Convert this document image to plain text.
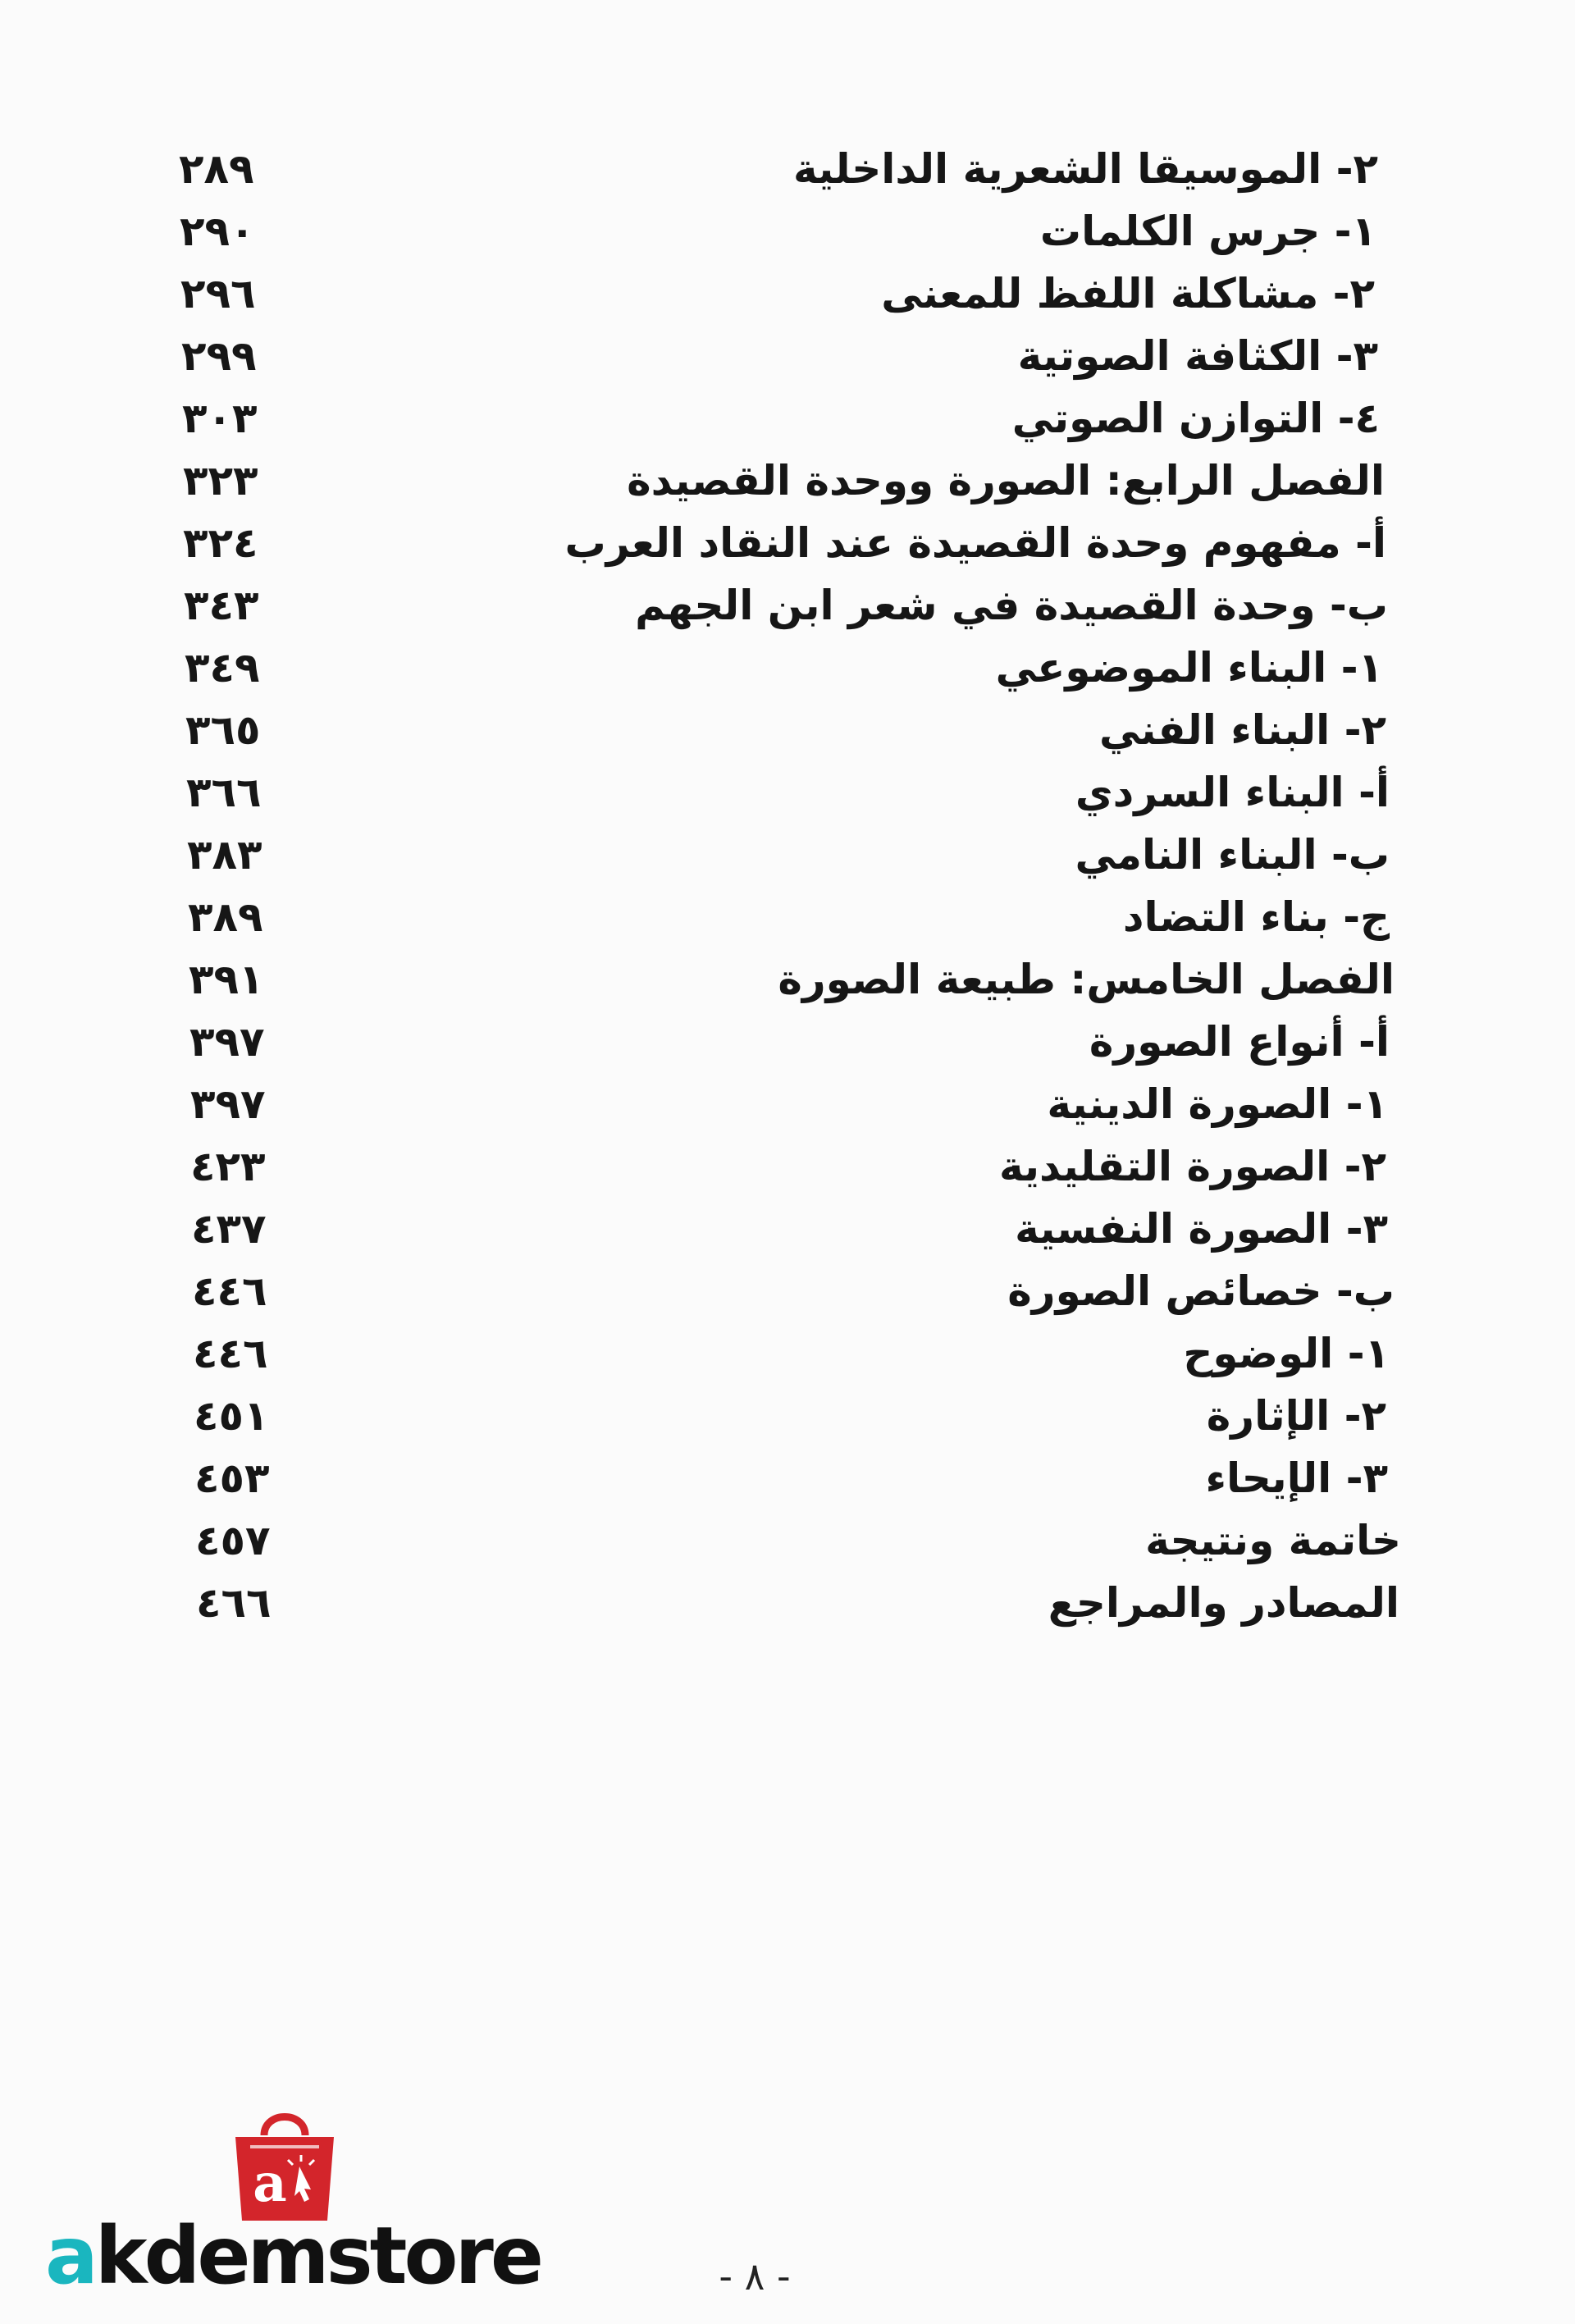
٢- الموسيقا الشعرية الداخلية
٢٨٩
١- جرس الكلمات
٢٩٠
٢- مشاكلة اللفظ للمعنى
٢٩٦
٣- الكثافة الصوتية
٢٩٩
٤- التوازن الصوتي
٣٠٣
الفصل الرابع: الصورة ووحدة القصيدة
٣٢٣
أ- مفهوم وحدة القصيدة عند النقاد العرب
٣٢٤
ب- وحدة القصيدة في شعر ابن الجهم
٣٤٣
١- البناء الموضوعي
٣٤٩
٢- البناء الفني
٣٦٥
أ- البناء السردي
٣٦٦
ب- البناء النامي
٣٨٣
ج- بناء التضاد
٣٨٩
الفصل الخامس: طبيعة الصورة
٣٩١
أ- أنواع الصورة
٣٩٧
١- الصورة الدينية
٣٩٧
٢- الصورة التقليدية
٤٢٣
٣- الصورة النفسية
٤٣٧
ب- خصائص الصورة
٤٤٦
١- الوضوح
٤٤٦
٢- الإثارة
٤٥١
٣- الإيحاء
٤٥٣
خاتمة ونتيجة
٤٥٧
المصادر والمراجع
٤٦٦
a
akdemstore	- ٨ -
